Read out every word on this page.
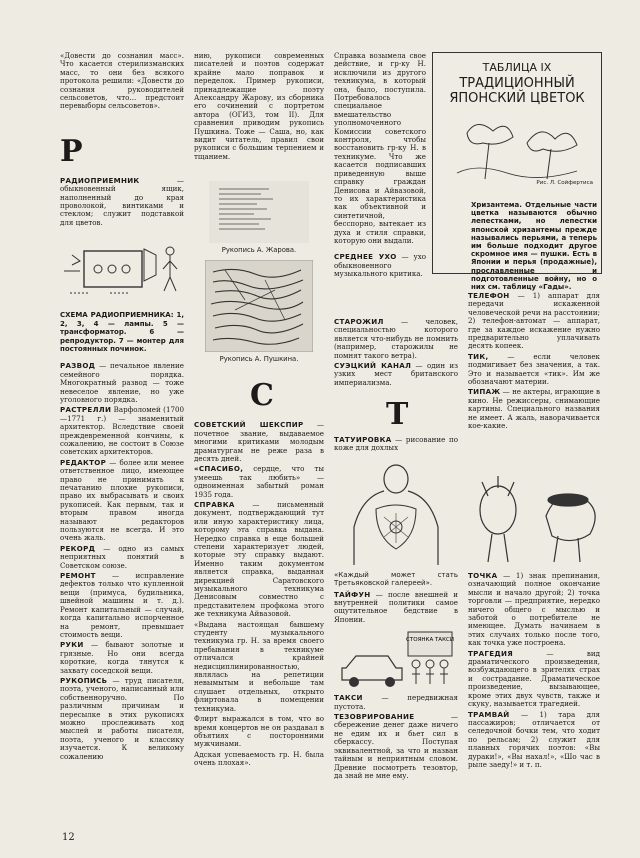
«Довести до сознания масс». Что касается стерилизманских масс, то они без всякого протокола решили: «Довести до сознания руководителей сельсоветов, что... предстоит перевыборы сельсоветов».

Р

РАДИОПРИЕМНИК — обыкновенный ящик, наполненный до края проволокой, винтиками и стеклом; служит подставкой для цветов.

СХЕМА РАДИОПРИЕМНИКА: 1, 2, 3, 4 — лампы. 5 — трансформатор. 6 — репродуктор. 7 — монтер для постоянных починок.

РАЗВОД — печальное явление семейного порядка. Многократный развод — тоже невеселое явление, но уже уголовного порядка.

РАСТРЕЛЛИ Варфоломей (1700—1771 г.) — знаменитый архитектор. Вследствие своей преждевременной кончины, к сожалению, не состоит в Союзе советских архитекторов.

РЕДАКТОР — более или менее ответственное лицо, имеющее право не принимать к печатанию плохие рукописи, право их выбрасывать и своих рукописей. Как первым, так и вторым правом иногда называют редакторов пользуются не всегда. И это очень жаль.

РЕКОРД — одно из самых неприятных понятий в Советском союзе.

РЕМОНТ — исправление дефектов только что купленной вещи (примуса, будильника, швейной машины и т. д.). Ремонт капитальный — случай, когда капитально испорченное на ремонт, превышает стоимость вещи.

РУКИ — бывают золотые и грязные. Но они всегда короткие, когда тянутся к захвату соседской вещи.

РУКОПИСЬ — труд писателя, поэта, ученого, написанный или собственноручно. По различным причинам и пересылке в этих рукописях можно прослеживать ход мыслей и работы писателя, поэта, ученого и классику изучается. К великому сожалению

нию, рукописи современных писателей и поэтов содержат крайне мало поправок и переделок. Пример рукописи, принадлежащие поэту Александру Жарову, из сборника его сочинений с портретом автора (ОГИЗ, том II). Для сравнения приводим рукопись Пушкина. Тоже — Саша, но, как видит читатель, правил свои рукописи с большим терпением и тщанием.

Рукопись А. Жарова.
Рукопись А. Пушкина.
С

СОВЕТСКИЙ ШЕКСПИР — почетное звание, выдаваемое многими критиками молодым драматургам не реже раза в десять дней.

«СПАСИБО, сердце, что ты умеешь так любить» — одноименная забытый роман 1935 года.

СПРАВКА — письменный документ, подтверждающий тут или иную характеристику лица, которому эта справка выдана. Нередко справка в еще большей степени характеризует людей, которые эту справку выдают. Именно таким документом является справка, выданная дирекцией Саратовского музыкального техникума Денисовым совместно с представителем профкома этого же техникума Айвазовой.

«Выдана настоящая бывшему студенту музыкального техникума гр. Н. за время своего пребывания в техникуме отличался крайней недисциплинированностью, являлась на репетиции невымытым и небольше там слушает отдельных, открыто флиртовала в помещении техникума.

Флирт выражался в том, что во время концертов не он раздавал в объятиях с посторонними мужчинами.

Адская успеваемость гр. Н. была очень плохая».

Справка возымела свое действие, и гр-ку Н. исключили из другого техникума, в который она, было, поступила. Потребовалось специальное вмешательство уполномоченного Комиссии советского контроля, чтобы восстановить гр-ку Н. в техникуме. Что же касается подписавших приведенную выше справку граждан Денисова и Айвазовой, то их характеристика как объективной и синтетичной, бесспорно, вытекает из духа и стиля справки, которую они выдали.

СРЕДНЕЕ УХО — ухо обыкновенного музыкального критика.

СТАРОЖИЛ — человек, специальностью которого является что-нибудь не помнить (например, старожилы не помнят такого ветра).

СУЭЦКИЙ КАНАЛ — один из узких мест британского империализма.

Т

ТАТУИРОВКА — рисование по коже для дохлых

«Каждый может стать Третьяковской галереей».

ТАЙФУН — после внешней и внутренней политики самое ощутительное бедствие в Японии.

СТОЯНКА ТАКСИ

ТАКСИ — передвижная пустота.

ТЕЗОВРИРОВАНИЕ — сбережение денег даже ничего не едим их и бьет сил в сберкассу. Поступая эквивалентной, за что и назван тайным и неприятным словом. Древние посмотреть тезовтор, да знай не мне ему.

ТАБЛИЦА IX
ТРАДИЦИОННЫЙ ЯПОНСКИЙ ЦВЕТОК
Рис. Л. Сойфертиса
Хризантема. Отдельные части цветка называются обычно лепестками, но лепестки японской хризантемы прежде назывались перьями, а теперь им больше подходит другое скромное имя — пушки. Есть в Японии и перья (продажные), прославленные и подготовленные войну, но о них см. таблицу «Гады».

ТЕЛЕФОН — 1) аппарат для передачи искаженной человеческой речи на расстоянии; 2) телефон-автомат — аппарат, где за каждое искажение нужно предварительно уплачивать десять копеек.

ТИК, — если человек подмигивает без значения, а так. Это и называется «тик». Им же обозначают материи.

ТИПАЖ — не актеры, играющие в кино. Не режиссеры, снимающие картины. Специального названия не имеет. А жаль, наворачивается кое-какие.

ТОЧКА — 1) знак препинания, означающий полное окончание мысли и начало другой; 2) точка торговли — предприятие, нередко ничего общего с мыслью и заботой о потребителе не имеющее. Думать начинаем в этих случаях только после того, как точка уже построена.

ТРАГЕДИЯ — вид драматического произведения, возбуждающего в зрителях страх и сострадание. Драматическое произведение, вызывающее, кроме этих двух чувств, также и скуку, называется трагедией.

ТРАМВАЙ — 1) тара для пассажиров; отличается от селедочной бочки тем, что ходит по рельсам; 2) служит для плавных горячих поэтов: «Вы дураки!», «Вы нахал!», «Шо час в рыле заеду!» и т. п.

12
